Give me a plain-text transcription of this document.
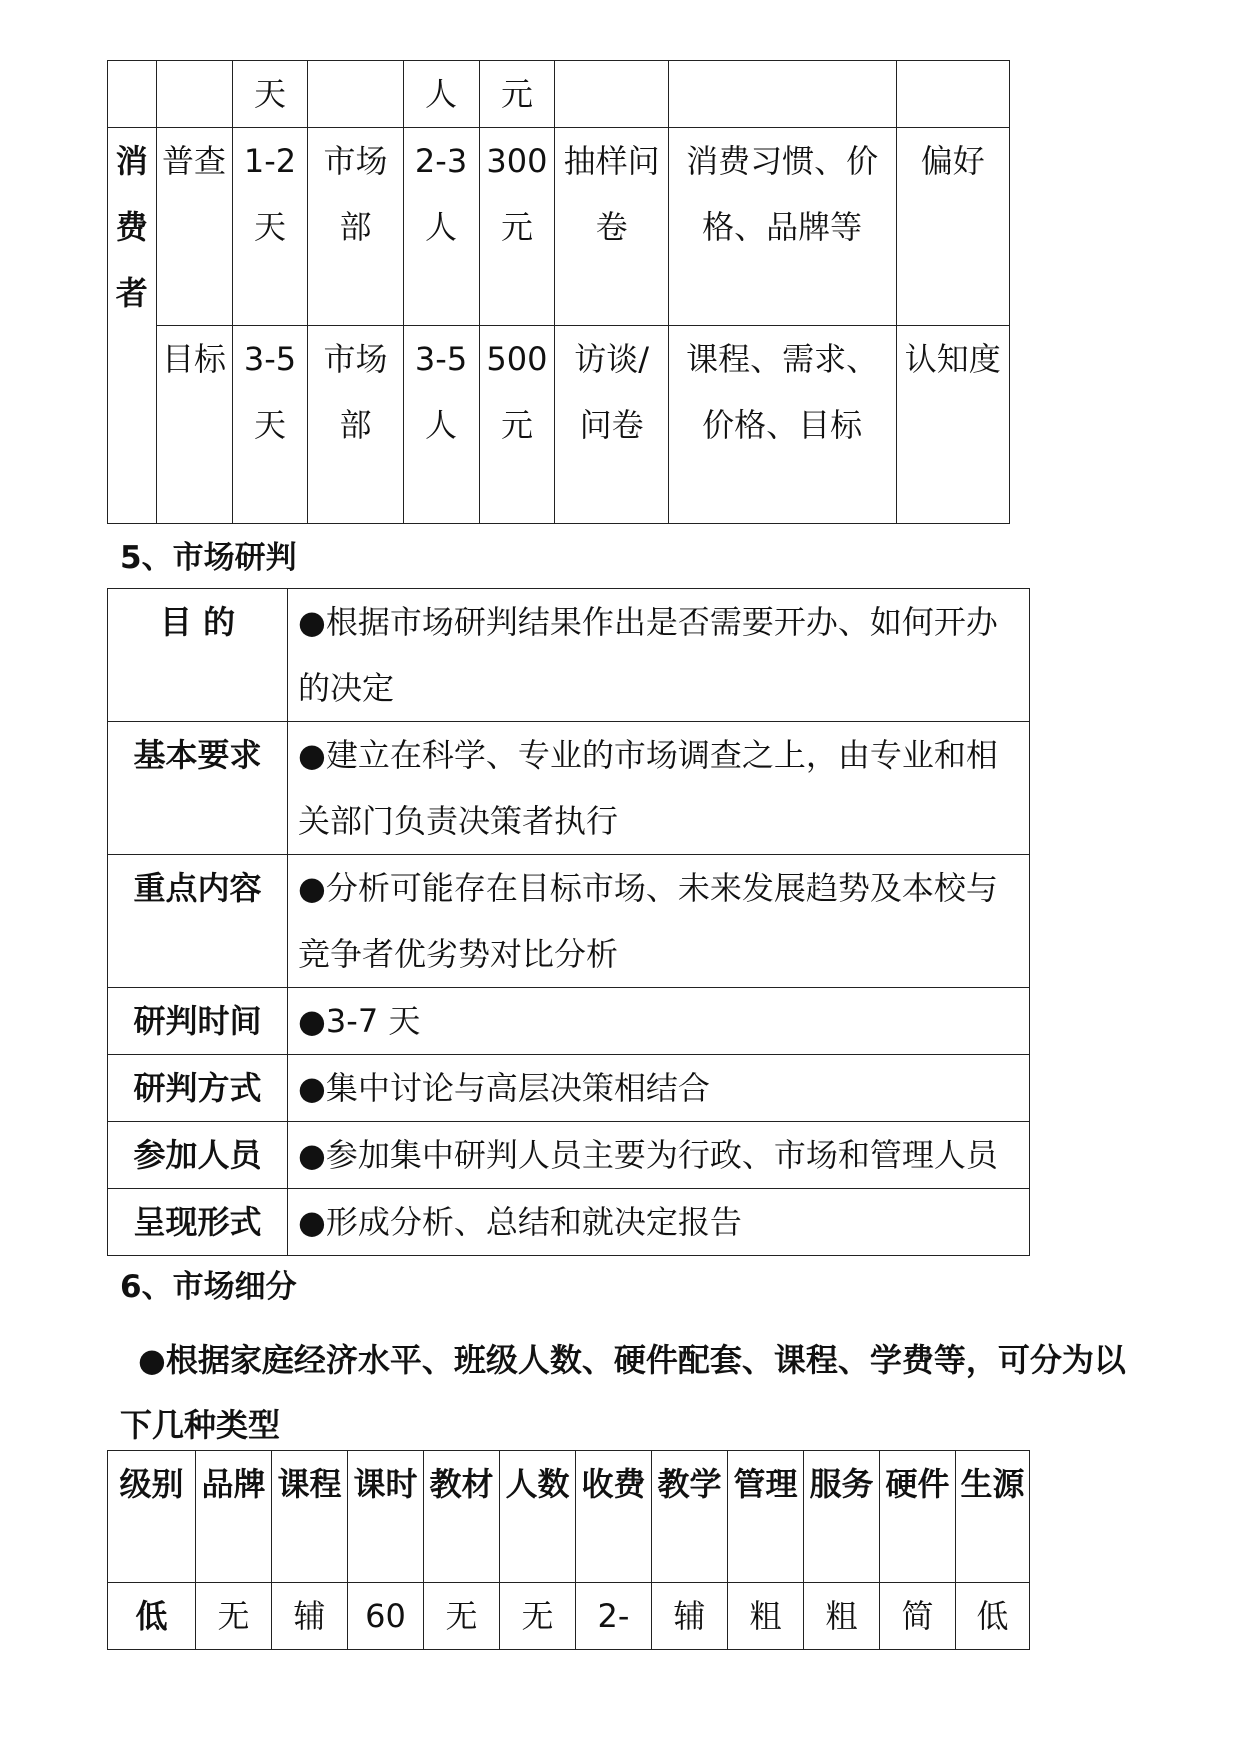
		天		人	元			

消费者	普查	1-2天	市场部	2-3人	300元	抽样问卷	消费习惯、价格、品牌等	偏好

	目标	3-5天	市场部	3-5人	500元	访谈/问卷	课程、需求、价格、目标	认知度
5、市场研判
目 的	●根据市场研判结果作出是否需要开办、如何开办的决定

基本要求	●建立在科学、专业的市场调查之上，由专业和相关部门负责决策者执行

重点内容	●分析可能存在目标市场、未来发展趋势及本校与竞争者优劣势对比分析

研判时间	●3-7 天

研判方式	●集中讨论与高层决策相结合

参加人员	●参加集中研判人员主要为行政、市场和管理人员

呈现形式	●形成分析、总结和就决定报告
6、市场细分
●根据家庭经济水平、班级人数、硬件配套、课程、学费等，可分为以下几种类型
级别	品牌	课程	课时	教材	人数	收费	教学	管理	服务	硬件	生源

低	无	辅	60	无	无	2-	辅	粗	粗	简	低
